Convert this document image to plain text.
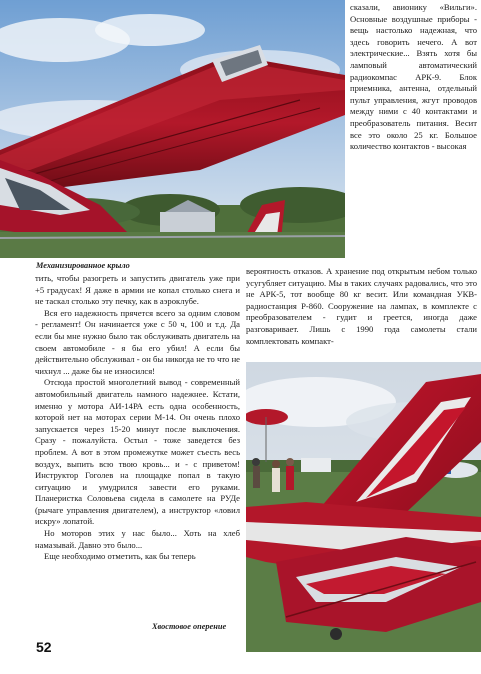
Механизированное крыло

сказали, авионику «Вильги». Основные воздушные приборы - вещь настолько надежная, что здесь говорить нечего. А вот электрические... Взять хотя бы ламповый автоматический радиокомпас АРК-9. Блок приемника, антенна, отдельный пульт управления, жгут проводов между ними с 40 контактами и преобразователь питания. Весит все это около 25 кг. Большое количество контактов - высокая

вероятность отказов. А хранение под открытым небом только усугубляет ситуацию. Мы в таких случаях радовались, что это не АРК-5, тот вообще 80 кг весит. Или командная УКВ-радиостанция Р-860. Сооружение на лампах, в комплекте с преобразователем - гудит и греется, иногда даже разговаривает. Лишь с 1990 года самолеты стали комплектовать компакт-

тить, чтобы разогреть и запустить двигатель уже при +5 градусах! Я даже в армии не копал столько снега и не таскал столько эту печку, как в аэроклубе.

Вся его надежность прячется всего за одним словом - регламент! Он начинается уже с 50 ч, 100 и т.д. Да если бы мне нужно было так обслуживать двигатель на своем автомобиле - я бы его убил! А если бы действительно обслуживал - он бы никогда не то что не чихнул ... даже бы не износился!

Отсюда простой многолетний вывод - современный автомобильный двигатель намного надежнее. Кстати, именно у мотора АИ-14РА есть одна особенность, которой нет на моторах серии М-14. Он очень плохо запускается через 15-20 минут после выключения. Сразу - пожалуйста. Остыл - тоже заведется без проблем. А вот в этом промежутке может съесть весь воздух, выпить всю твою кровь... и - с приветом! Инструктор Гоголев на площадке попал в такую ситуацию и умудрился завести его руками. Планеристка Соловьева сидела в самолете на РУДе (рычаге управления двигателем), а инструктор «ловил искру» лопатой.

Но моторов этих у нас было... Хоть на хлеб намазывай. Давно это было...

Еще необходимо отметить, как бы теперь

Хвостовое оперение
52
